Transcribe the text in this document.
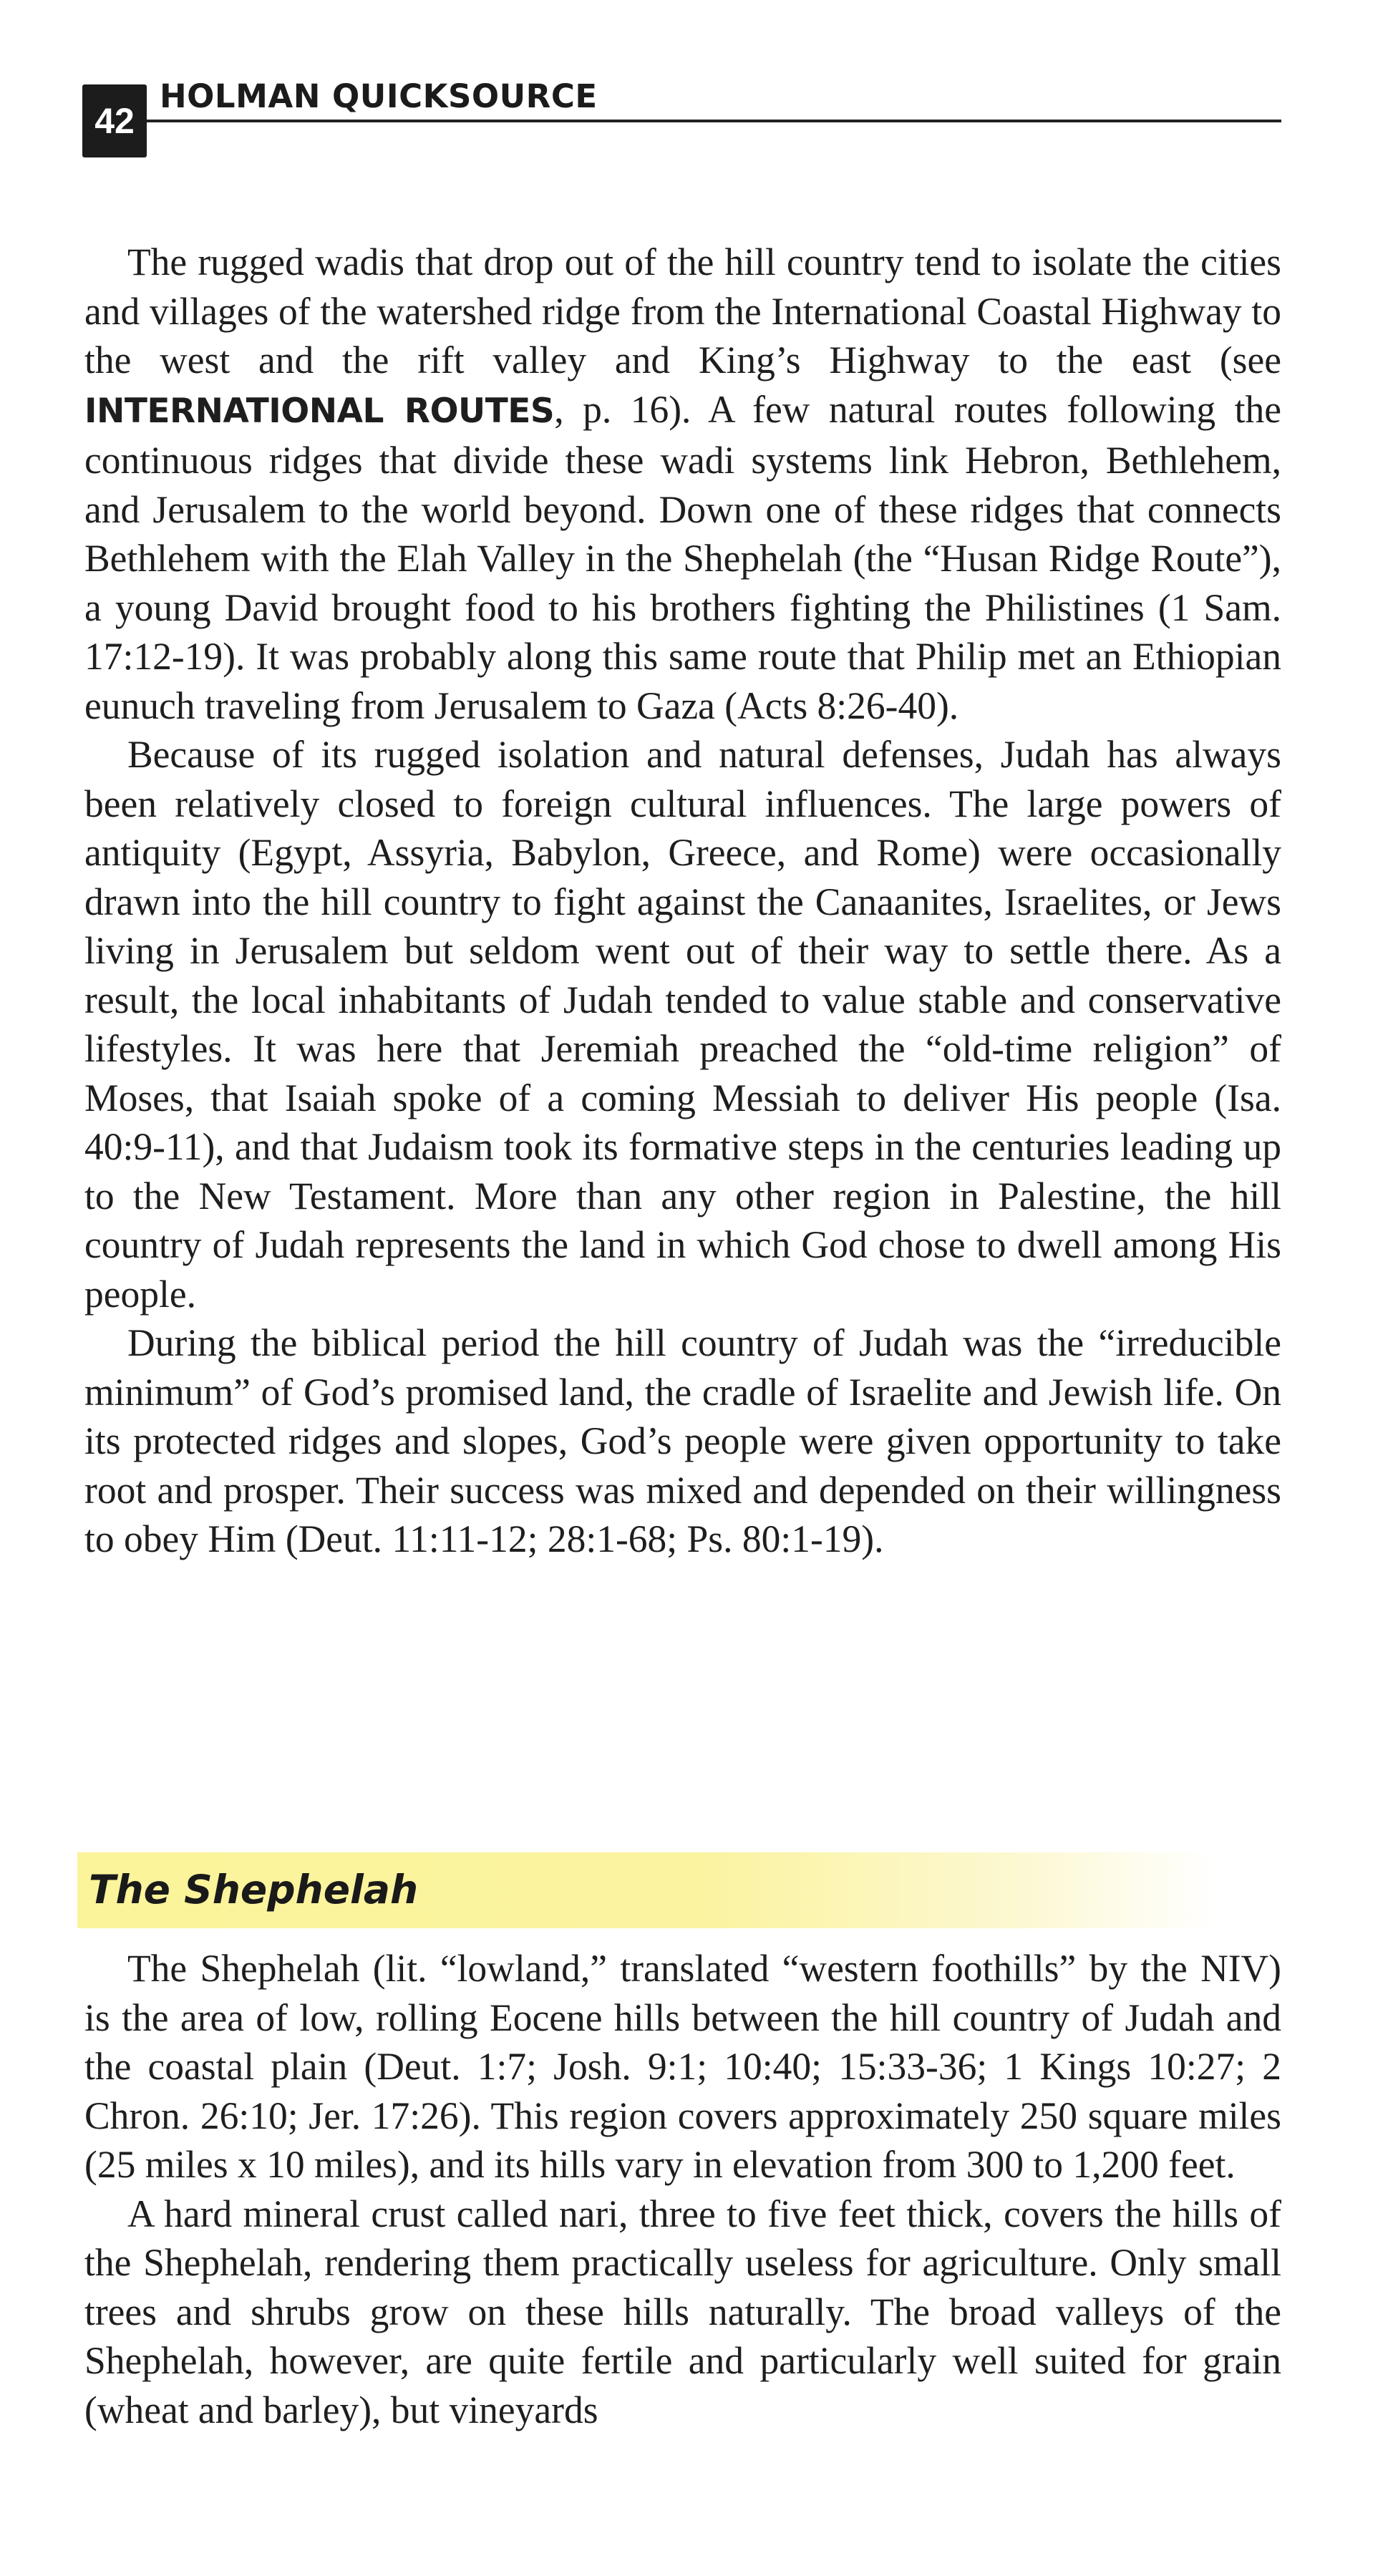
42
HOLMAN QUICKSOURCE

The rugged wadis that drop out of the hill country tend to isolate the cities and villages of the watershed ridge from the International Coastal Highway to the west and the rift valley and King’s Highway to the east (see INTERNATIONAL ROUTES, p. 16). A few natural routes following the continuous ridges that divide these wadi systems link Hebron, Bethlehem, and Jerusalem to the world beyond. Down one of these ridges that connects Bethlehem with the Elah Valley in the Shephelah (the “Husan Ridge Route”), a young David brought food to his brothers fighting the Philistines (1 Sam. 17:12-19). It was probably along this same route that Philip met an Ethiopian eunuch traveling from Jerusalem to Gaza (Acts 8:26-40).

Because of its rugged isolation and natural defenses, Judah has always been relatively closed to foreign cultural influences. The large powers of antiquity (Egypt, Assyria, Babylon, Greece, and Rome) were occasionally drawn into the hill country to fight against the Canaanites, Israelites, or Jews living in Jerusalem but seldom went out of their way to settle there. As a result, the local inhabitants of Judah tended to value stable and conservative lifestyles. It was here that Jeremiah preached the “old-time religion” of Moses, that Isaiah spoke of a coming Messiah to deliver His people (Isa. 40:9-11), and that Judaism took its formative steps in the centuries leading up to the New Testament. More than any other region in Palestine, the hill country of Judah represents the land in which God chose to dwell among His people.

During the biblical period the hill country of Judah was the “irreducible minimum” of God’s promised land, the cradle of Israelite and Jewish life. On its protected ridges and slopes, God’s people were given opportunity to take root and prosper. Their success was mixed and depended on their willingness to obey Him (Deut. 11:11-12; 28:1-68; Ps. 80:1-19).

The Shephelah

The Shephelah (lit. “lowland,” translated “western foothills” by the NIV) is the area of low, rolling Eocene hills between the hill country of Judah and the coastal plain (Deut. 1:7; Josh. 9:1; 10:40; 15:33-36; 1 Kings 10:27; 2 Chron. 26:10; Jer. 17:26). This region covers approximately 250 square miles (25 miles x 10 miles), and its hills vary in elevation from 300 to 1,200 feet.

A hard mineral crust called nari, three to five feet thick, covers the hills of the Shephelah, rendering them practically useless for agriculture. Only small trees and shrubs grow on these hills naturally. The broad valleys of the Shephelah, however, are quite fertile and particularly well suited for grain (wheat and barley), but vineyards
